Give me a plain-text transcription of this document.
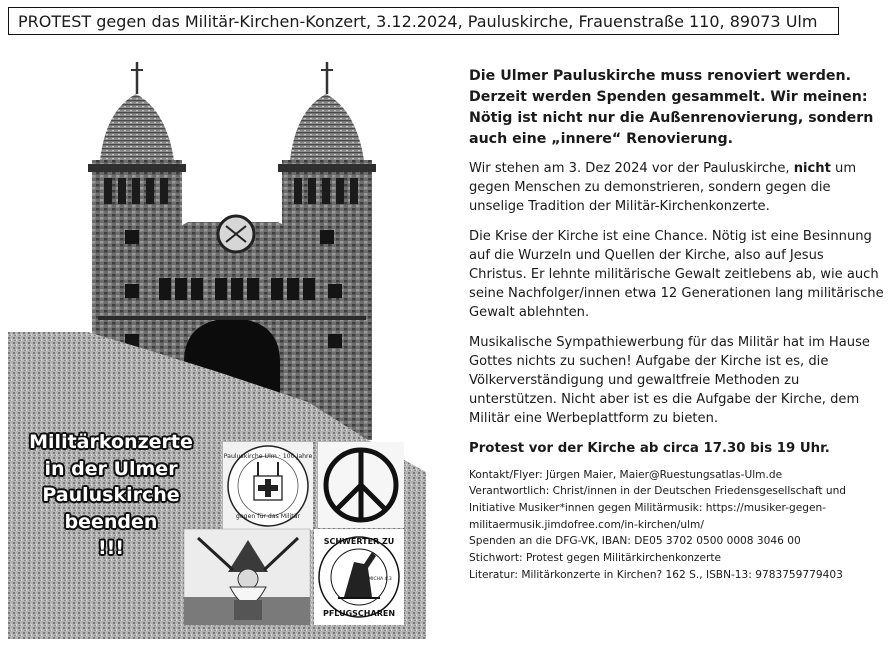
PROTEST gegen das Militär-Kirchen-Konzert, 3.12.2024, Pauluskirche, Frauenstraße 110, 89073 Ulm
Pauluskirche Ulm · 100 Jahre
gegen für das Militär
SCHWERTER ZU
PFLUGSCHAREN
MICHA 4,3
Militärkonzerte
in der Ulmer
Pauluskirche
beenden
!!!

Die Ulmer Pauluskirche muss renoviert werden. Derzeit werden Spenden gesammelt. Wir meinen: Nötig ist nicht nur die Außenrenovierung, sondern auch eine „innere“ Renovierung.

Wir stehen am 3. Dez 2024 vor der Pauluskirche, nicht um gegen Menschen zu demonstrieren, sondern gegen die unselige Tradition der Militär-Kirchenkonzerte.

Die Krise der Kirche ist eine Chance. Nötig ist eine Besinnung auf die Wurzeln und Quellen der Kirche, also auf Jesus Christus. Er lehnte militärische Gewalt zeitlebens ab, wie auch seine Nachfolger/innen etwa 12 Generationen lang militärische Gewalt ablehnten.

Musikalische Sympathiewerbung für das Militär hat im Hause Gottes nichts zu suchen! Aufgabe der Kirche ist es, die Völkerverständigung und gewaltfreie Methoden zu unterstützen. Nicht aber ist es die Aufgabe der Kirche, dem Militär eine Werbeplattform zu bieten.

Protest vor der Kirche ab circa 17.30 bis 19 Uhr.

Kontakt/Flyer: Jürgen Maier, Maier@Ruestungsatlas-Ulm.de
Verantwortlich: Christ/innen in der Deutschen Friedensgesellschaft und
Initiative Musiker*innen gegen Militärmusik: https://musiker-gegen-
militaermusik.jimdofree.com/in-kirchen/ulm/
Spenden an die DFG-VK, IBAN: DE05 3702 0500 0008 3046 00
Stichwort: Protest gegen Militärkirchenkonzerte
Literatur: Militärkonzerte in Kirchen? 162 S., ISBN-13: 9783759779403
